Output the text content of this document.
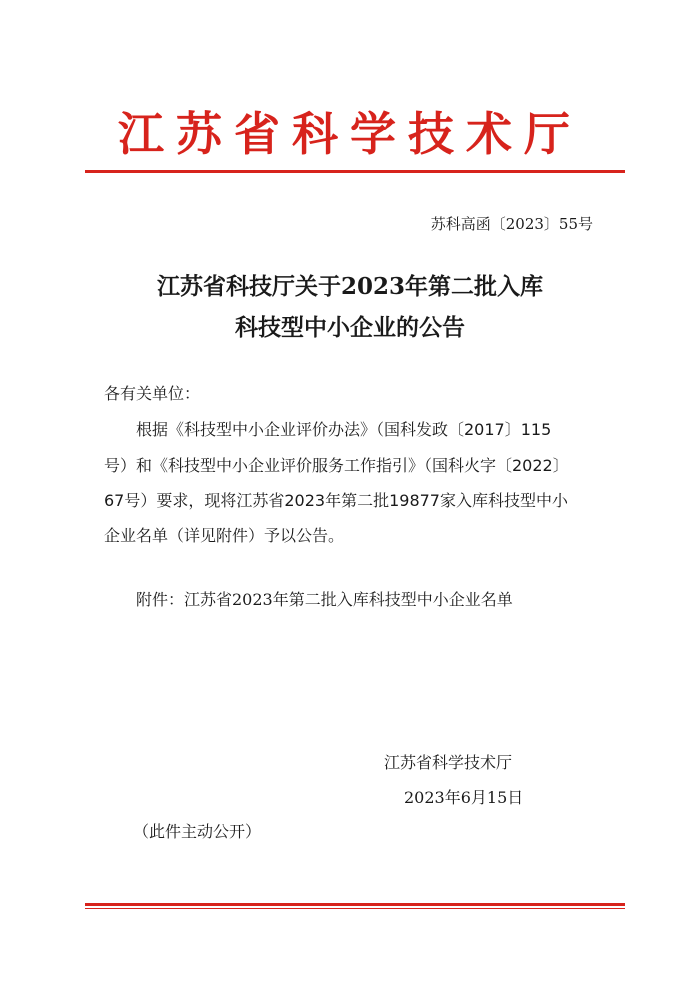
江苏省科学技术厅
苏科高函〔2023〕55号
江苏省科技厅关于2023年第二批入库
科技型中小企业的公告
各有关单位：
根据《科技型中小企业评价办法》（国科发政〔2017〕115
号）和《科技型中小企业评价服务工作指引》（国科火字〔2022〕
67号）要求，现将江苏省2023年第二批19877家入库科技型中小
企业名单（详见附件）予以公告。
附件：江苏省2023年第二批入库科技型中小企业名单
江苏省科学技术厅
2023年6月15日
（此件主动公开）
